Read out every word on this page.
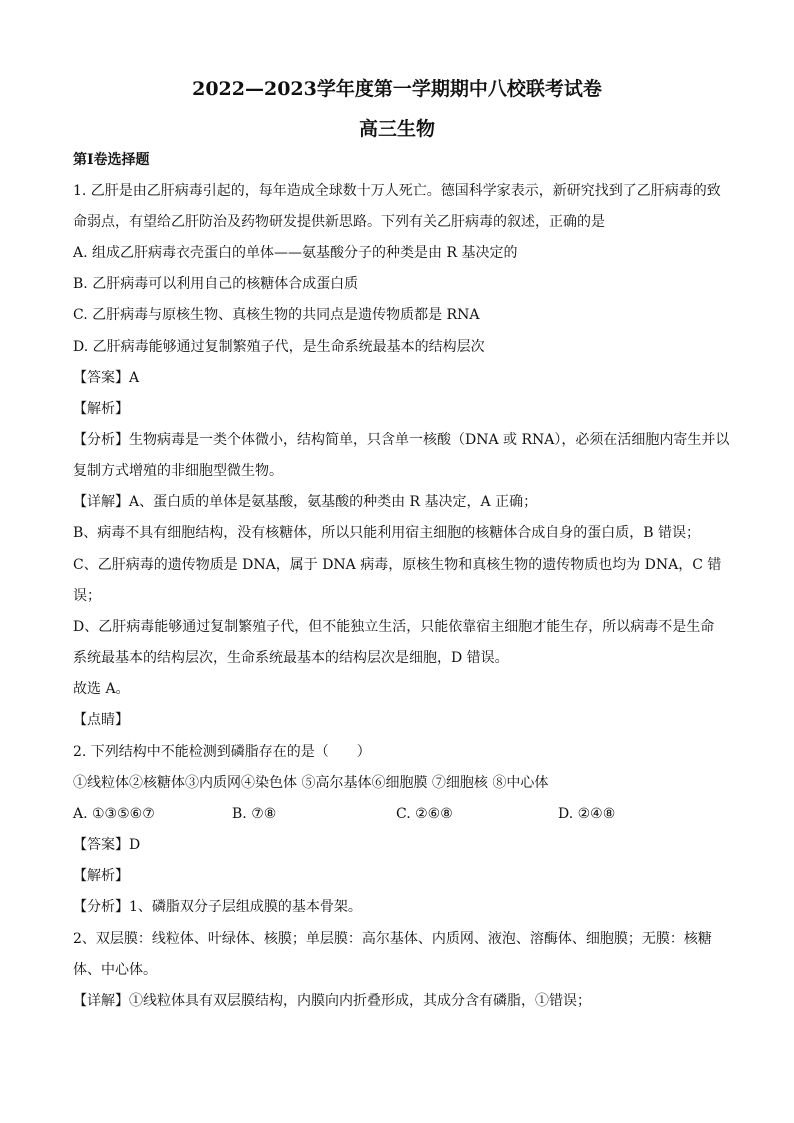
2022—2023学年度第一学期期中八校联考试卷
高三生物
第I卷选择题
1. 乙肝是由乙肝病毒引起的，每年造成全球数十万人死亡。德国科学家表示，新研究找到了乙肝病毒的致
命弱点，有望给乙肝防治及药物研发提供新思路。下列有关乙肝病毒的叙述，正确的是
A. 组成乙肝病毒衣壳蛋白的单体——氨基酸分子的种类是由 R 基决定的
B. 乙肝病毒可以利用自己的核糖体合成蛋白质
C. 乙肝病毒与原核生物、真核生物的共同点是遗传物质都是 RNA
D. 乙肝病毒能够通过复制繁殖子代，是生命系统最基本的结构层次
【答案】A
【解析】
【分析】生物病毒是一类个体微小，结构简单，只含单一核酸（DNA 或 RNA），必须在活细胞内寄生并以
复制方式增殖的非细胞型微生物。
【详解】A、蛋白质的单体是氨基酸，氨基酸的种类由 R 基决定，A 正确；
B、病毒不具有细胞结构，没有核糖体，所以只能利用宿主细胞的核糖体合成自身的蛋白质，B 错误；
C、乙肝病毒的遗传物质是 DNA，属于 DNA 病毒，原核生物和真核生物的遗传物质也均为 DNA，C 错
误；
D、乙肝病毒能够通过复制繁殖子代，但不能独立生活，只能依靠宿主细胞才能生存，所以病毒不是生命
系统最基本的结构层次，生命系统最基本的结构层次是细胞，D 错误。
故选 A。
【点睛】
2. 下列结构中不能检测到磷脂存在的是（　　）
①线粒体②核糖体③内质网④染色体 ⑤高尔基体⑥细胞膜 ⑦细胞核 ⑧中心体
A. ①③⑤⑥⑦	B. ⑦⑧	C. ②⑥⑧	D. ②④⑧
【答案】D
【解析】
【分析】1、磷脂双分子层组成膜的基本骨架。
2、双层膜：线粒体、叶绿体、核膜；单层膜：高尔基体、内质网、液泡、溶酶体、细胞膜；无膜：核糖
体、中心体。
【详解】①线粒体具有双层膜结构，内膜向内折叠形成，其成分含有磷脂，①错误；
